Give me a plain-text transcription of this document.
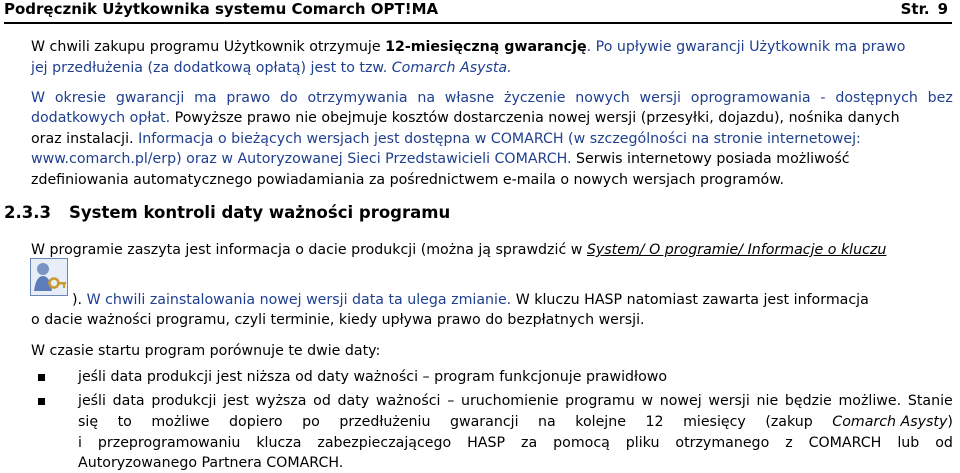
Podręcznik Użytkownika systemu Comarch OPT!MA	Str. 9
W chwili zakupu programu Użytkownik otrzymuje 12-miesięczną gwarancję. Po upływie gwarancji Użytkownik ma prawo
jej przedłużenia (za dodatkową opłatą) jest to tzw. Comarch Asysta.
W okresie gwarancji ma prawo do otrzymywania na własne życzenie nowych wersji oprogramowania - dostępnych bez
dodatkowych opłat. Powyższe prawo nie obejmuje kosztów dostarczenia nowej wersji (przesyłki, dojazdu), nośnika danych
oraz instalacji. Informacja o bieżących wersjach jest dostępna w COMARCH (w szczególności na stronie internetowej:
www.comarch.pl/erp) oraz w Autoryzowanej Sieci Przedstawicieli COMARCH. Serwis internetowy posiada możliwość
zdefiniowania automatycznego powiadamiania za pośrednictwem e-maila o nowych wersjach programów.
2.3.3 System kontroli daty ważności programu
W programie zaszyta jest informacja o dacie produkcji (można ją sprawdzić w System/ O programie/ Informacje o kluczu
). W chwili zainstalowania nowej wersji data ta ulega zmianie. W kluczu HASP natomiast zawarta jest informacja
o dacie ważności programu, czyli terminie, kiedy upływa prawo do bezpłatnych wersji.
W czasie startu program porównuje te dwie daty:
jeśli data produkcji jest niższa od daty ważności – program funkcjonuje prawidłowo
jeśli data produkcji jest wyższa od daty ważności – uruchomienie programu w nowej wersji nie będzie możliwe. Stanie
się to możliwe dopiero po przedłużeniu gwarancji na kolejne 12 miesięcy (zakup Comarch Asysty)
i przeprogramowaniu klucza zabezpieczającego HASP za pomocą pliku otrzymanego z COMARCH lub od
Autoryzowanego Partnera COMARCH.
